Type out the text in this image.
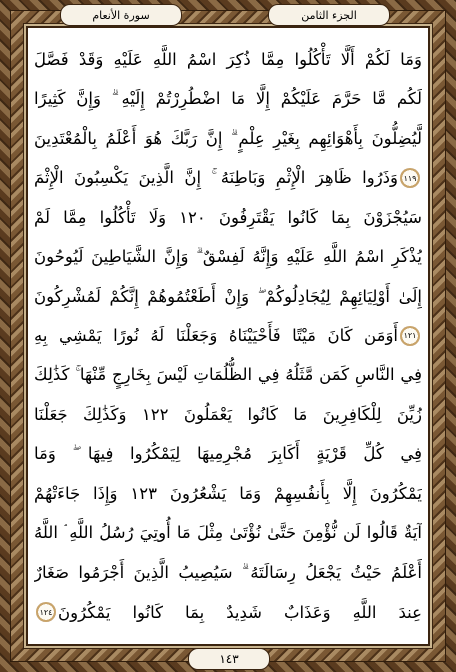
الجزء الثامن
سورة الأنعام
وَمَا لَكُمْ أَلَّا تَأْكُلُوا مِمَّا ذُكِرَ اسْمُ اللَّهِ عَلَيْهِ وَقَدْ فَصَّلَ
لَكُم مَّا حَرَّمَ عَلَيْكُمْ إِلَّا مَا اضْطُرِرْتُمْ إِلَيْهِ ۗ وَإِنَّ كَثِيرًا
لَّيُضِلُّونَ بِأَهْوَائِهِم بِغَيْرِ عِلْمٍ ۗ إِنَّ رَبَّكَ هُوَ أَعْلَمُ بِالْمُعْتَدِينَ
١١٩
وَذَرُوا ظَاهِرَ الْإِثْمِ وَبَاطِنَهُ ۚ إِنَّ الَّذِينَ يَكْسِبُونَ الْإِثْمَ
سَيُجْزَوْنَ بِمَا كَانُوا يَقْتَرِفُونَ ١٢٠ وَلَا تَأْكُلُوا مِمَّا لَمْ
يُذْكَرِ اسْمُ اللَّهِ عَلَيْهِ وَإِنَّهُ لَفِسْقٌ ۗ وَإِنَّ الشَّيَاطِينَ لَيُوحُونَ
إِلَىٰ أَوْلِيَائِهِمْ لِيُجَادِلُوكُمْ ۖ وَإِنْ أَطَعْتُمُوهُمْ إِنَّكُمْ لَمُشْرِكُونَ
١٢١
أَوَمَن كَانَ مَيْتًا فَأَحْيَيْنَاهُ وَجَعَلْنَا لَهُ نُورًا يَمْشِي بِهِ
فِي النَّاسِ كَمَن مَّثَلُهُ فِي الظُّلُمَاتِ لَيْسَ بِخَارِجٍ مِّنْهَا ۚ كَذَٰلِكَ
زُيِّنَ لِلْكَافِرِينَ مَا كَانُوا يَعْمَلُونَ ١٢٢ وَكَذَٰلِكَ جَعَلْنَا
فِي كُلِّ قَرْيَةٍ أَكَابِرَ مُجْرِمِيهَا لِيَمْكُرُوا فِيهَا ۖ وَمَا
يَمْكُرُونَ إِلَّا بِأَنفُسِهِمْ وَمَا يَشْعُرُونَ ١٢٣ وَإِذَا جَاءَتْهُمْ
آيَةٌ قَالُوا لَن نُّؤْمِنَ حَتَّىٰ نُؤْتَىٰ مِثْلَ مَا أُوتِيَ رُسُلُ اللَّهِ ۘ اللَّهُ
أَعْلَمُ حَيْثُ يَجْعَلُ رِسَالَتَهُ ۗ سَيُصِيبُ الَّذِينَ أَجْرَمُوا صَغَارٌ
عِندَ اللَّهِ وَعَذَابٌ شَدِيدٌ بِمَا كَانُوا يَمْكُرُونَ
١٢٤
١٤٣
